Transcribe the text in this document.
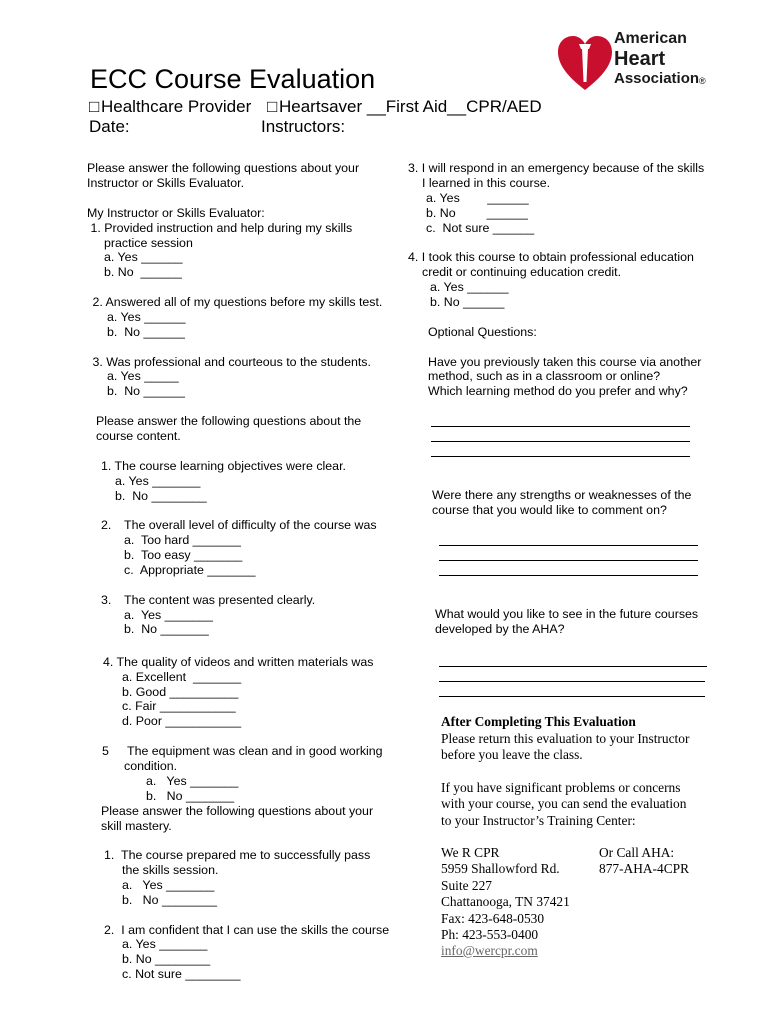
American

Heart

Association

®

ECC Course Evaluation
□ Healthcare Provider □ Heartsaver __First Aid__CPR/AED
Date:	Instructors:
Please answer the following questions about your
Instructor or Skills Evaluator.
My Instructor or Skills Evaluator:
1. Provided instruction and help during my skills
practice session
a. Yes ______
b. No  ______
2. Answered all of my questions before my skills test.
a. Yes ______
b.  No ______
3. Was professional and courteous to the students.
a. Yes _____
b.  No ______
Please answer the following questions about the
course content.
1. The course learning objectives were clear.
a. Yes _______
b.  No ________
2. The overall level of difficulty of the course was
a.  Too hard _______
b.  Too easy _______
c.  Appropriate _______
3. The content was presented clearly.
a.  Yes _______
b.  No _______
4. The quality of videos and written materials was
a. Excellent  _______
b. Good __________
c. Fair ___________
d. Poor ___________
5 The equipment was clean and in good working
condition.
a.   Yes _______
b.   No _______
Please answer the following questions about your
skill mastery.
1.  The course prepared me to successfully pass
the skills session.
a.   Yes _______
b.   No ________
2.  I am confident that I can use the skills the course
a. Yes _______
b. No ________
c. Not sure ________
3. I will respond in an emergency because of the skills
I learned in this course.
a. Yes        ______
b. No         ______
c.  Not sure ______
4. I took this course to obtain professional education
credit or continuing education credit.
a. Yes ______
b. No ______
Optional Questions:
Have you previously taken this course via another
method, such as in a classroom or online?
Which learning method do you prefer and why?
Were there any strengths or weaknesses of the
course that you would like to comment on?
What would you like to see in the future courses
developed by the AHA?
After Completing This Evaluation
Please return this evaluation to your Instructor
before you leave the class.
If you have significant problems or concerns
with your course, you can send the evaluation
to your Instructor’s Training Center:
We R CPR
5959 Shallowford Rd.
Suite 227
Chattanooga, TN 37421
Fax: 423-648-0530
Ph: 423-553-0400
info@wercpr.com
Or Call AHA:
877-AHA-4CPR
